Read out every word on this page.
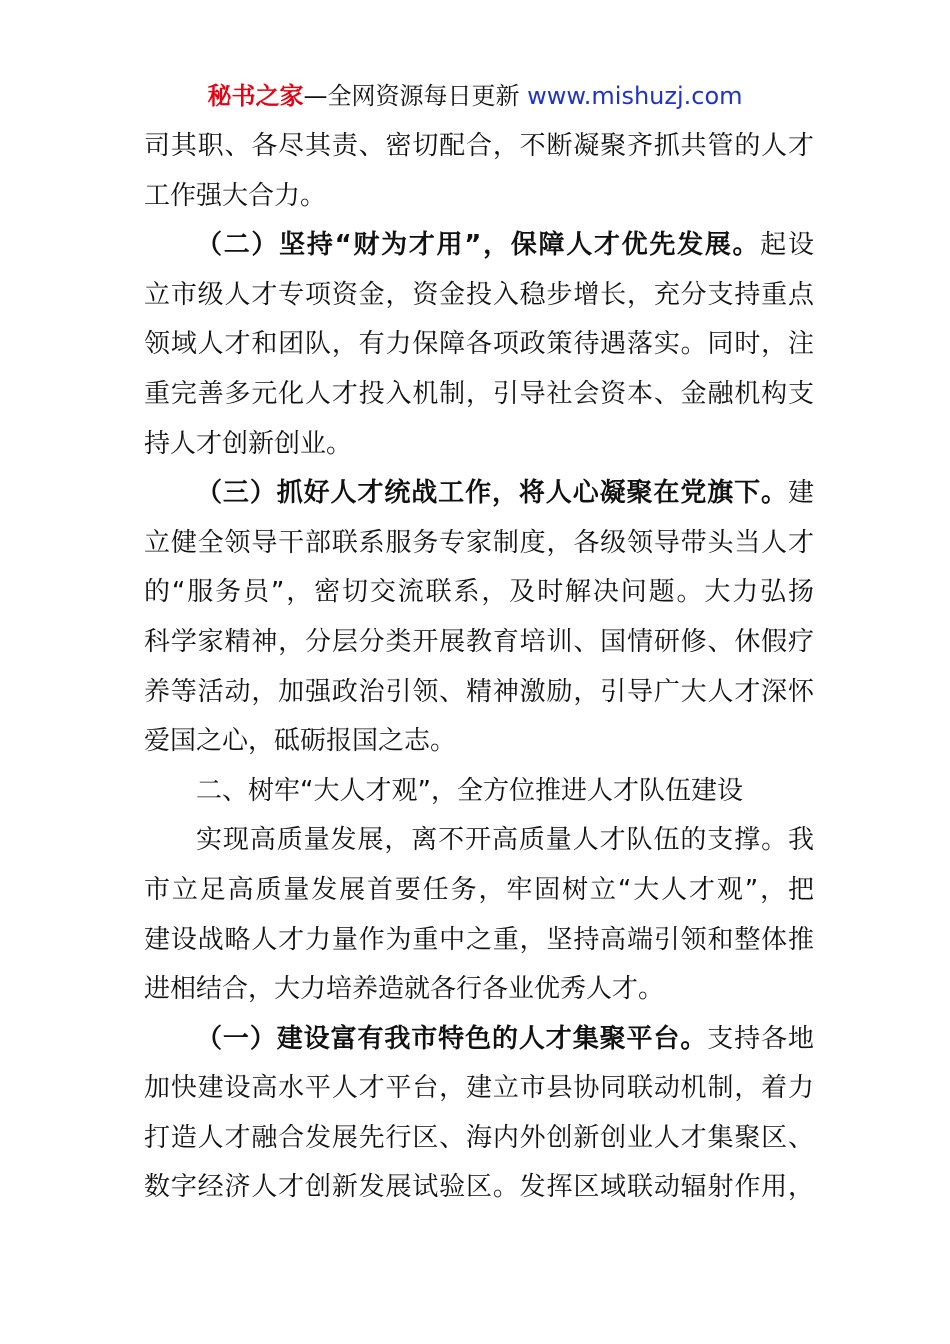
秘书之家—全网资源每日更新 www.mishuzj.com
司其职、各尽其责、密切配合，不断凝聚齐抓共管的人才
工作强大合力。
（二）坚持“财为才用”，保障人才优先发展。起设
立市级人才专项资金，资金投入稳步增长，充分支持重点
领域人才和团队，有力保障各项政策待遇落实。同时，注
重完善多元化人才投入机制，引导社会资本、金融机构支
持人才创新创业。
（三）抓好人才统战工作，将人心凝聚在党旗下。建
立健全领导干部联系服务专家制度，各级领导带头当人才
的“服务员”，密切交流联系，及时解决问题。大力弘扬
科学家精神，分层分类开展教育培训、国情研修、休假疗
养等活动，加强政治引领、精神激励，引导广大人才深怀
爱国之心，砥砺报国之志。
二、树牢“大人才观”，全方位推进人才队伍建设
实现高质量发展，离不开高质量人才队伍的支撑。我
市立足高质量发展首要任务，牢固树立“大人才观”，把
建设战略人才力量作为重中之重，坚持高端引领和整体推
进相结合，大力培养造就各行各业优秀人才。
（一）建设富有我市特色的人才集聚平台。支持各地
加快建设高水平人才平台，建立市县协同联动机制，着力
打造人才融合发展先行区、海内外创新创业人才集聚区、
数字经济人才创新发展试验区。发挥区域联动辐射作用，
